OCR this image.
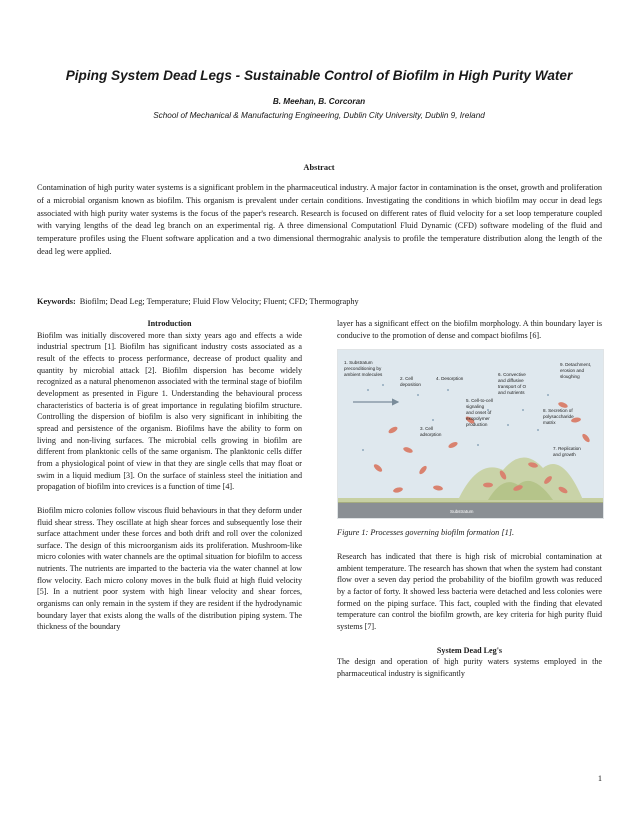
Piping System Dead Legs - Sustainable Control of Biofilm in High Purity Water
B. Meehan, B. Corcoran
School of Mechanical & Manufacturing Engineering, Dublin City University, Dublin 9, Ireland
Abstract

Contamination of high purity water systems is a significant problem in the pharmaceutical industry. A major factor in contamination is the onset, growth and proliferation of a microbial organism known as biofilm. This organism is prevalent under certain conditions. Investigating the conditions in which biofilm may occur in dead legs associated with high purity water systems is the focus of the paper's research. Research is focused on different rates of fluid velocity for a set loop temperature coupled with varying lengths of the dead leg branch on an experimental rig. A three dimensional Computationl Fluid Dynamic (CFD) software modeling of the fluid and temperature profiles using the Fluent software application and a two dimensional thermograhic analysis to profile the temperature distribution along the length of the dead leg were applied.

Keywords: Biofilm; Dead Leg; Temperature; Fluid Flow Velocity; Fluent; CFD; Thermography

Introduction

Biofilm was initially discovered more than sixty years ago and effects a wide industrial spectrum [1]. Biofilm has significant industry costs associated as a result of the effects to process performance, decrease of product quality and quantity by microbial attack [2]. Biofilm dispersion has become widely recognized as a natural phenomenon associated with the terminal stage of biofilm development as presented in Figure 1. Understanding the behavioural process characteristics of bacteria is of great importance in regulating biofilm structure. Controlling the dispersion of biofilm is also very significant in inhibiting the spread and persistence of the organism. Biofilms have the ability to form on living and non-living surfaces. The microbial cells growing in biofilm are different from planktonic cells of the same organism. The planktonic cells differ from a physiological point of view in that they are single cells that may float or swim in a liquid medium [3]. On the surface of stainless steel the initiation and propagation of biofilm into crevices is a function of time [4].

Biofilm micro colonies follow viscous fluid behaviours in that they deform under fluid shear stress. They oscillate at high shear forces and subsequently lose their surface attachment under these forces and both drift and roll over the colonized surface. The design of this microorganism aids its proliferation. Mushroom-like micro colonies with water channels are the optimal situation for biofilm to access nutrients. The nutrients are imparted to the bacteria via the water channel at low flow velocity. Each micro colony moves in the bulk fluid at high fluid velocity [5]. In a nutrient poor system with high linear velocity and shear forces, organisms can only remain in the system if they are resident if the hydrodynamic boundary layer that exists along the walls of the distribution piping system. The thickness of the boundary

layer has a significant effect on the biofilm morphology. A thin boundary layer is conducive to the promotion of dense and compact biofilms [6].

1. Substratum
preconditioning by
ambient molecules
2. Cell
deposition
4. Desorption
3. Cell
adsorption
5. Cell-to-cell
signaling
and onset of
exopolymer
production
6. Convective
and diffusive
transport of O
and nutrients
7. Replication
and growth
8. Secretion of
polysaccharide
matrix
9. Detachment,
erosion and
sloughing
Substratum
Figure 1: Processes governing biofilm formation [1].

Research has indicated that there is high risk of microbial contamination at ambient temperature. The research has shown that when the system had constant flow over a seven day period the probability of the biofilm growth was reduced by a factor of forty. It showed less bacteria were detached and less colonies were formed on the piping surface. This fact, coupled with the finding that elevated temperature can control the biofilm growth, are key criteria for high purity fluid systems [7].

System Dead Leg's

The design and operation of high purity waters systems employed in the pharmaceutical industry is significantly

1
